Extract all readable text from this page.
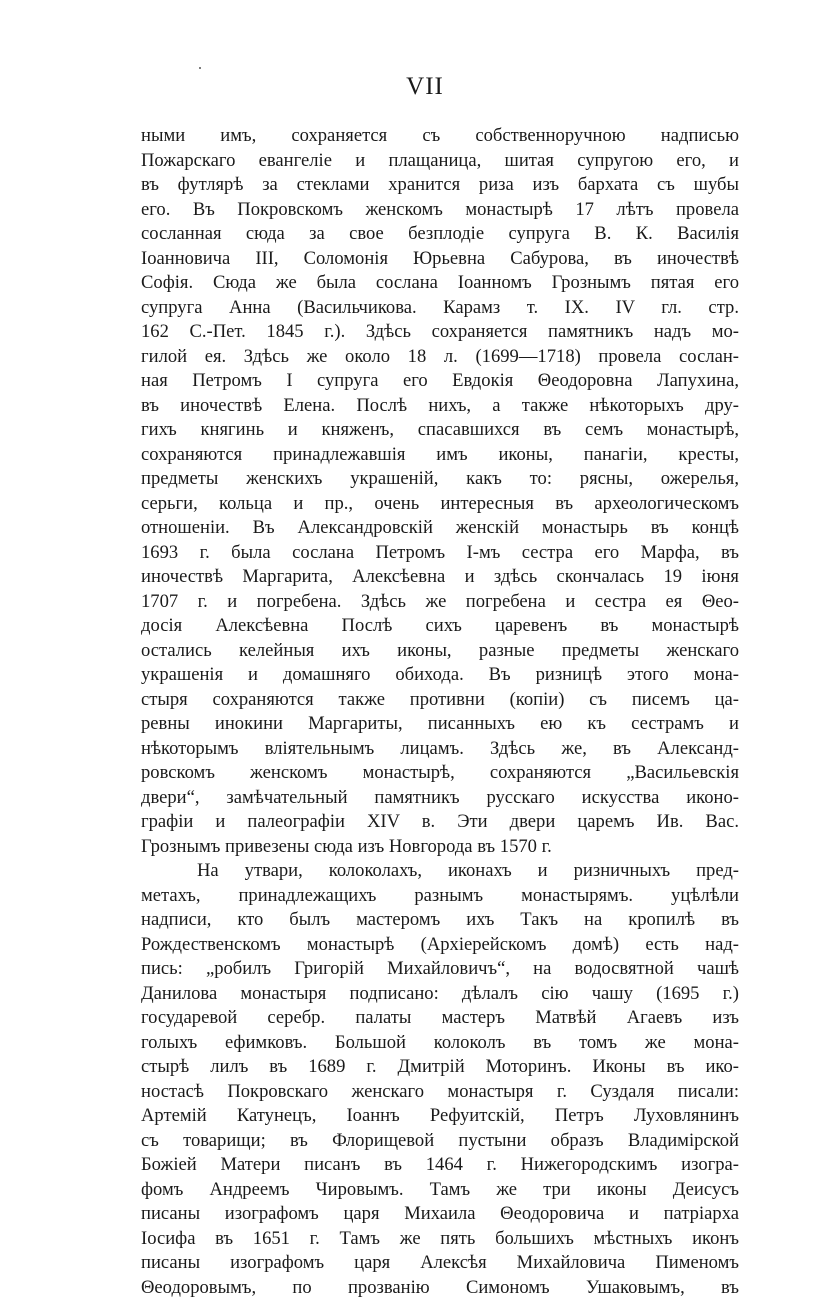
VII
ными имъ, сохраняется съ собственноручною надписью
Пожарскаго евангеліе и плащаница, шитая супругою его, и
въ футлярѣ за стеклами хранится риза изъ бархата съ шубы
его. Въ Покровскомъ женскомъ монастырѣ 17 лѣтъ провела
сосланная сюда за свое безплодіе супруга В. К. Василія
Іоанновича III, Соломонія Юрьевна Сабурова, въ иночествѣ
Софія. Сюда же была сослана Іоанномъ Грознымъ пятая его
супруга Анна (Васильчикова. Карамз т. IX. IV гл. стр.
162 С.-Пет. 1845 г.). Здѣсь сохраняется памятникъ надъ мо-
гилой ея. Здѣсь же около 18 л. (1699—1718) провела сослан-
ная Петромъ I супруга его Евдокія Θеодоровна Лапухина,
въ иночествѣ Елена. Послѣ нихъ, а также нѣкоторыхъ дру-
гихъ княгинь и княженъ, спасавшихся въ семъ монастырѣ,
сохраняются принадлежавшія имъ иконы, панагіи, кресты,
предметы женскихъ украшеній, какъ то: рясны, ожерелья,
серьги, кольца и пр., очень интересныя въ археологическомъ
отношеніи. Въ Александровскій женскій монастырь въ концѣ
1693 г. была сослана Петромъ I-мъ сестра его Марфа, въ
иночествѣ Маргарита, Алексѣевна и здѣсь скончалась 19 іюня
1707 г. и погребена. Здѣсь же погребена и сестра ея Θео-
досія Алексѣевна Послѣ сихъ царевенъ въ монастырѣ
остались келейныя ихъ иконы, разные предметы женскаго
украшенія и домашняго обихода. Въ ризницѣ этого мона-
стыря сохраняются также противни (копіи) съ писемъ ца-
ревны инокини Маргариты, писанныхъ ею къ сестрамъ и
нѣкоторымъ вліятельнымъ лицамъ. Здѣсь же, въ Александ-
ровскомъ женскомъ монастырѣ, сохраняются „Васильевскія
двери“, замѣчательный памятникъ русскаго искусства иконо-
графіи и палеографіи XIV в. Эти двери царемъ Ив. Вас.
Грознымъ привезены сюда изъ Новгорода въ 1570 г.
На утвари, колоколахъ, иконахъ и ризничныхъ пред-
метахъ, принадлежащихъ разнымъ монастырямъ. уцѣлѣли
надписи, кто былъ мастеромъ ихъ Такъ на кропилѣ въ
Рождественскомъ монастырѣ (Архіерейскомъ домѣ) есть над-
пись: „робилъ Григорій Михайловичъ“, на водосвятной чашѣ
Данилова монастыря подписано: дѣлалъ сію чашу (1695 г.)
государевой серебр. палаты мастеръ Матвѣй Агаевъ изъ
голыхъ ефимковъ. Большой колоколъ въ томъ же мона-
стырѣ лилъ въ 1689 г. Дмитрій Моторинъ. Иконы въ ико-
ностасѣ Покровскаго женскаго монастыря г. Суздаля писали:
Артемій Катунецъ, Іоаннъ Рефуитскій, Петръ Луховлянинъ
съ товарищи; въ Флорищевой пустыни образъ Владимірской
Божіей Матери писанъ въ 1464 г. Нижегородскимъ изогра-
фомъ Андреемъ Чировымъ. Тамъ же три иконы Деисусъ
писаны изографомъ царя Михаила Θеодоровича и патріарха
Іосифа въ 1651 г. Тамъ же пять большихъ мѣстныхъ иконъ
писаны изографомъ царя Алексѣя Михайловича Пименомъ
Θеодоровымъ, по прозванію Симономъ Ушаковымъ, въ
